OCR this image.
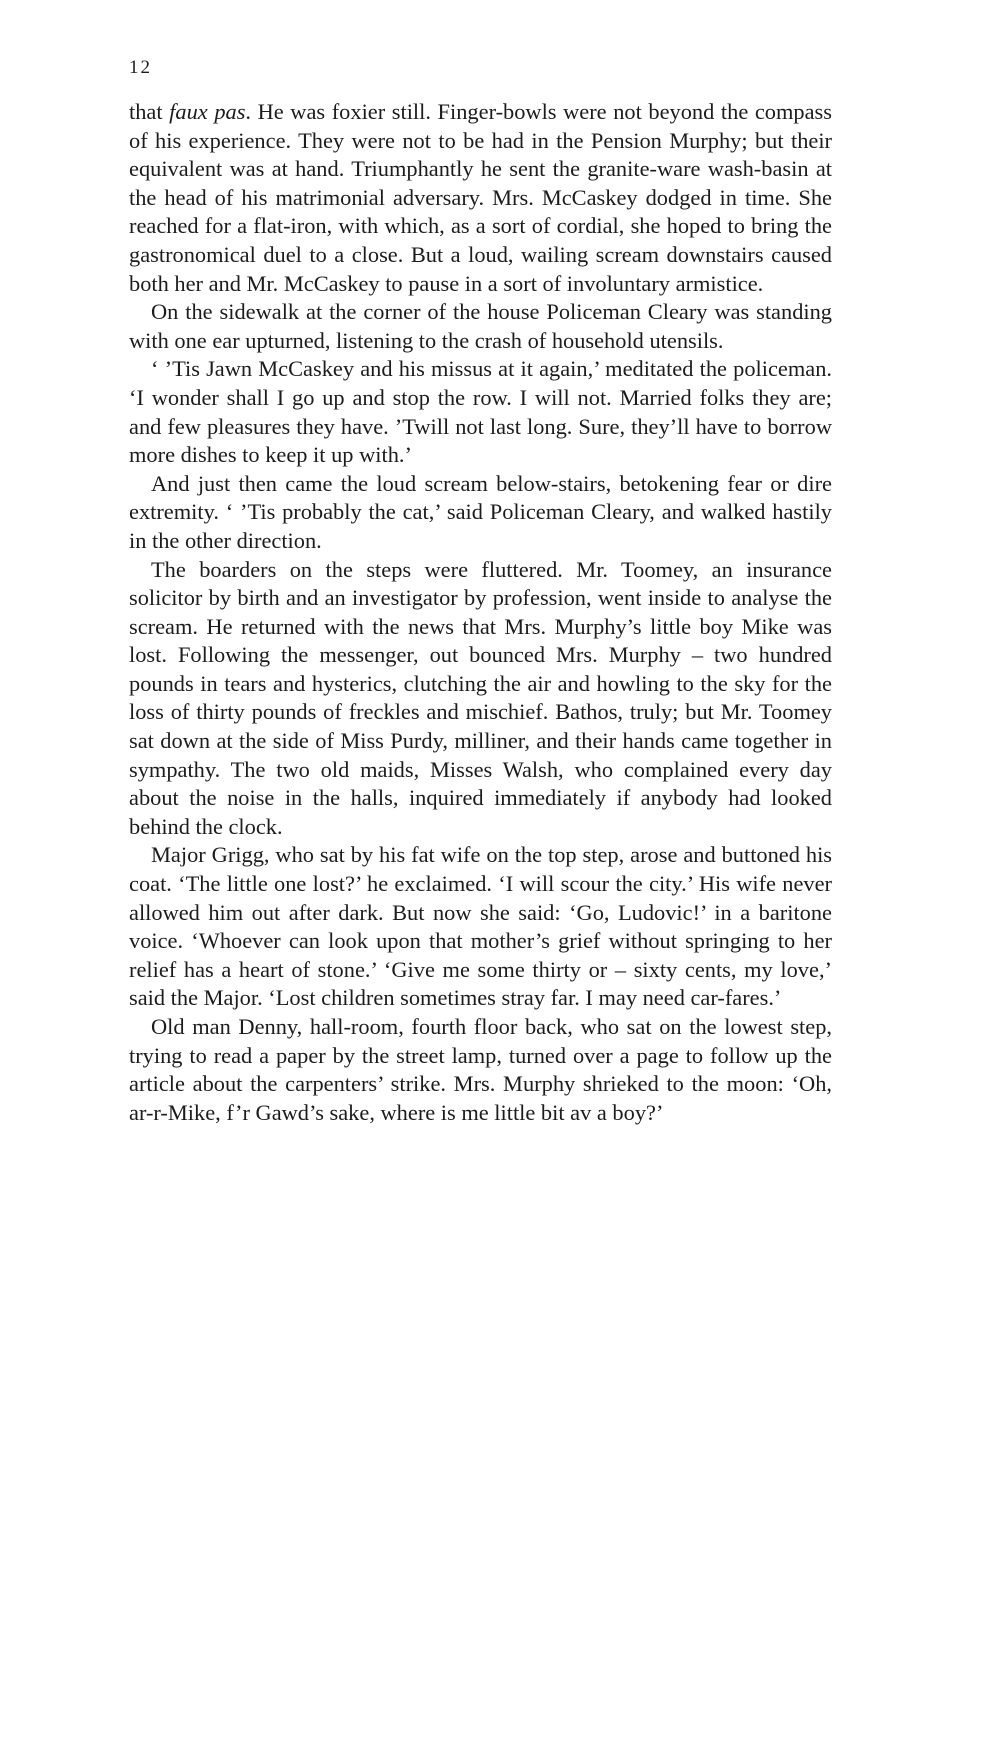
12

that faux pas. He was foxier still. Finger-bowls were not beyond the compass of his experience. They were not to be had in the Pension Murphy; but their equivalent was at hand. Triumphantly he sent the granite-ware wash-basin at the head of his matrimonial adversary. Mrs. McCaskey dodged in time. She reached for a flat-iron, with which, as a sort of cordial, she hoped to bring the gastronomical duel to a close. But a loud, wailing scream downstairs caused both her and Mr. McCaskey to pause in a sort of involuntary armistice.

On the sidewalk at the corner of the house Policeman Cleary was standing with one ear upturned, listening to the crash of household utensils.

‘ ’Tis Jawn McCaskey and his missus at it again,’ meditated the policeman. ‘I wonder shall I go up and stop the row. I will not. Married folks they are; and few pleasures they have. ’Twill not last long. Sure, they’ll have to borrow more dishes to keep it up with.’

And just then came the loud scream below-stairs, betokening fear or dire extremity. ‘ ’Tis probably the cat,’ said Policeman Cleary, and walked hastily in the other direction.

The boarders on the steps were fluttered. Mr. Toomey, an insurance solicitor by birth and an investigator by profession, went inside to analyse the scream. He returned with the news that Mrs. Murphy’s little boy Mike was lost. Following the messenger, out bounced Mrs. Murphy – two hundred pounds in tears and hysterics, clutching the air and howling to the sky for the loss of thirty pounds of freckles and mischief. Bathos, truly; but Mr. Toomey sat down at the side of Miss Purdy, milliner, and their hands came together in sympathy. The two old maids, Misses Walsh, who complained every day about the noise in the halls, inquired immediately if anybody had looked behind the clock.

Major Grigg, who sat by his fat wife on the top step, arose and buttoned his coat. ‘The little one lost?’ he exclaimed. ‘I will scour the city.’ His wife never allowed him out after dark. But now she said: ‘Go, Ludovic!’ in a baritone voice. ‘Whoever can look upon that mother’s grief without springing to her relief has a heart of stone.’ ‘Give me some thirty or – sixty cents, my love,’ said the Major. ‘Lost children sometimes stray far. I may need car-fares.’

Old man Denny, hall-room, fourth floor back, who sat on the lowest step, trying to read a paper by the street lamp, turned over a page to follow up the article about the carpenters’ strike. Mrs. Murphy shrieked to the moon: ‘Oh, ar-r-Mike, f’r Gawd’s sake, where is me little bit av a boy?’
